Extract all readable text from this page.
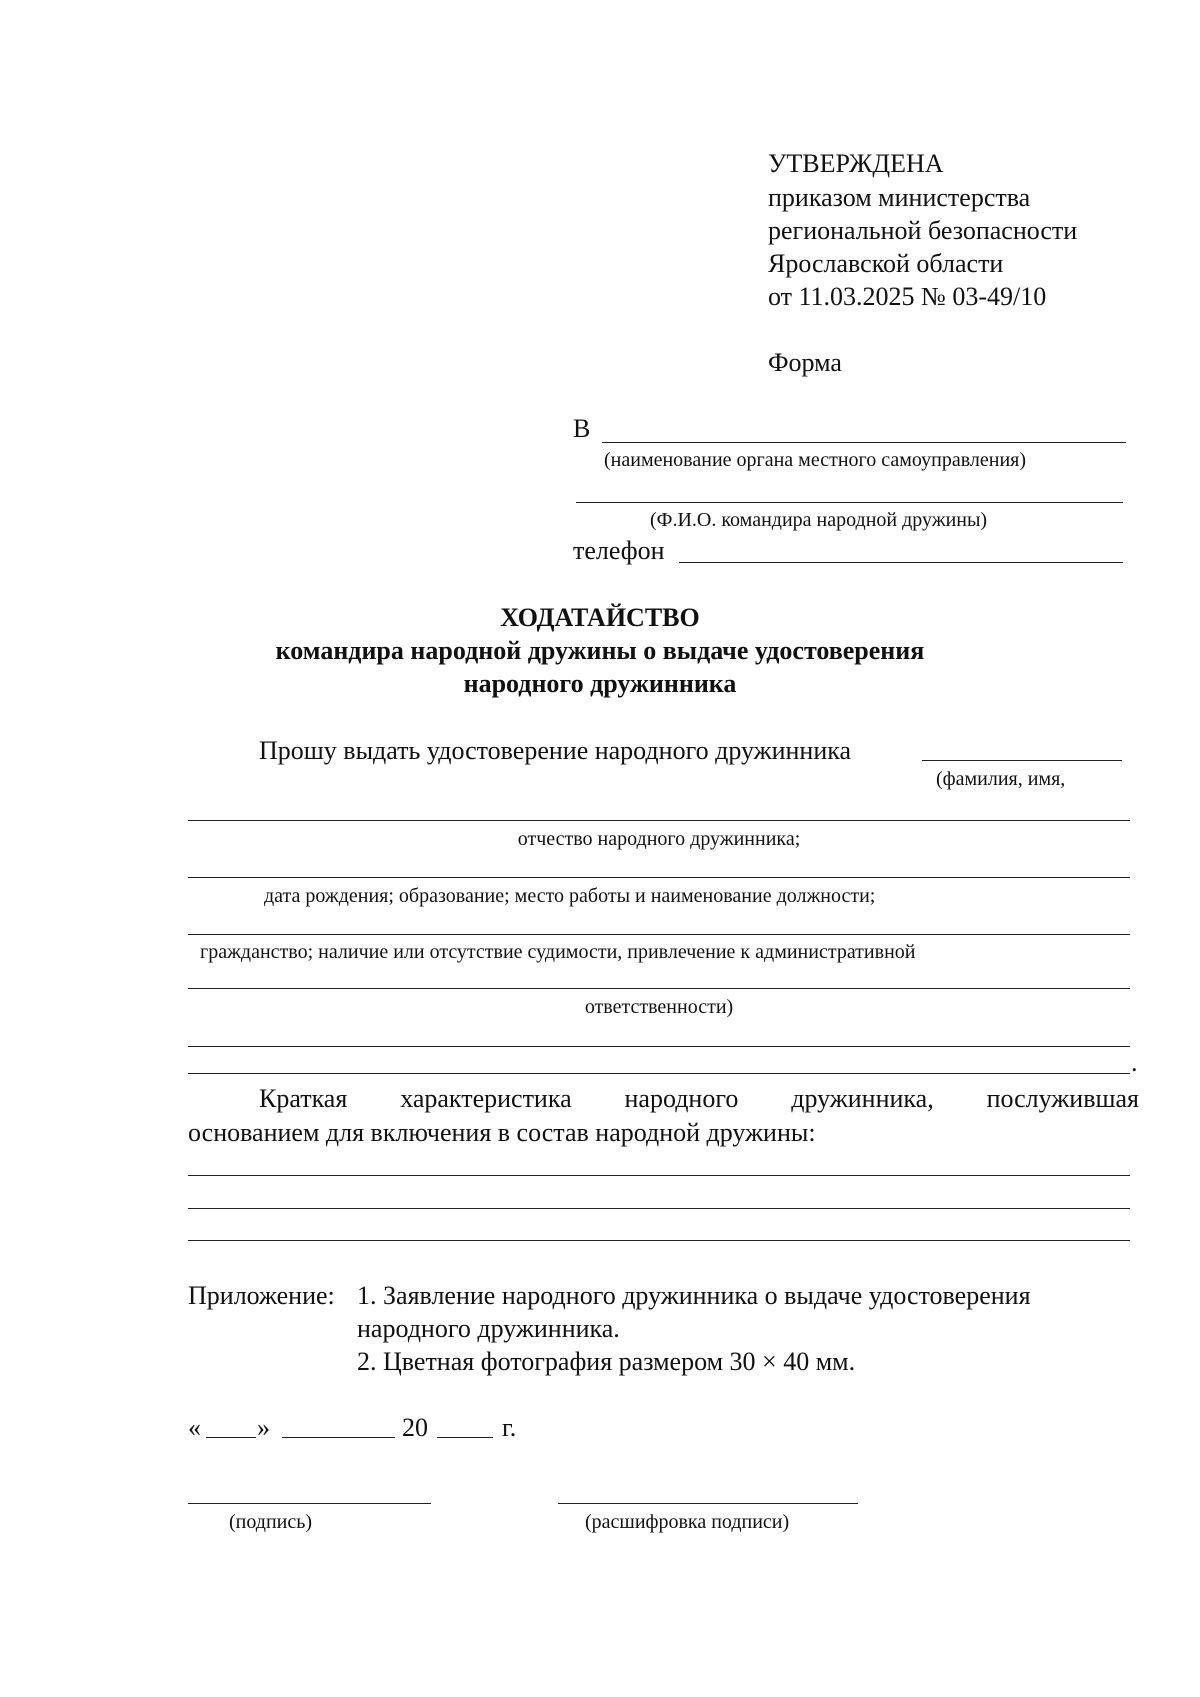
УТВЕРЖДЕНА
приказом министерства
региональной безопасности
Ярославской области
от 11.03.2025 № 03-49/10
Форма
В
(наименование органа местного самоуправления)
(Ф.И.О. командира народной дружины)
телефон
ХОДАТАЙСТВО
командира народной дружины о выдаче удостоверения
народного дружинника
Прошу выдать удостоверение народного дружинника
(фамилия, имя,
отчество народного дружинника;
дата рождения; образование; место работы и наименование должности;
гражданство; наличие или отсутствие судимости, привлечение к административной
ответственности)
.
Краткая характеристика народного дружинника, послужившая
основанием для включения в состав народной дружины:
Приложение: 1. Заявление народного дружинника о выдаче удостоверения
народного дружинника.
2. Цветная фотография размером 30 × 40 мм.
« »	20	г.
(подпись)	(расшифровка подписи)
